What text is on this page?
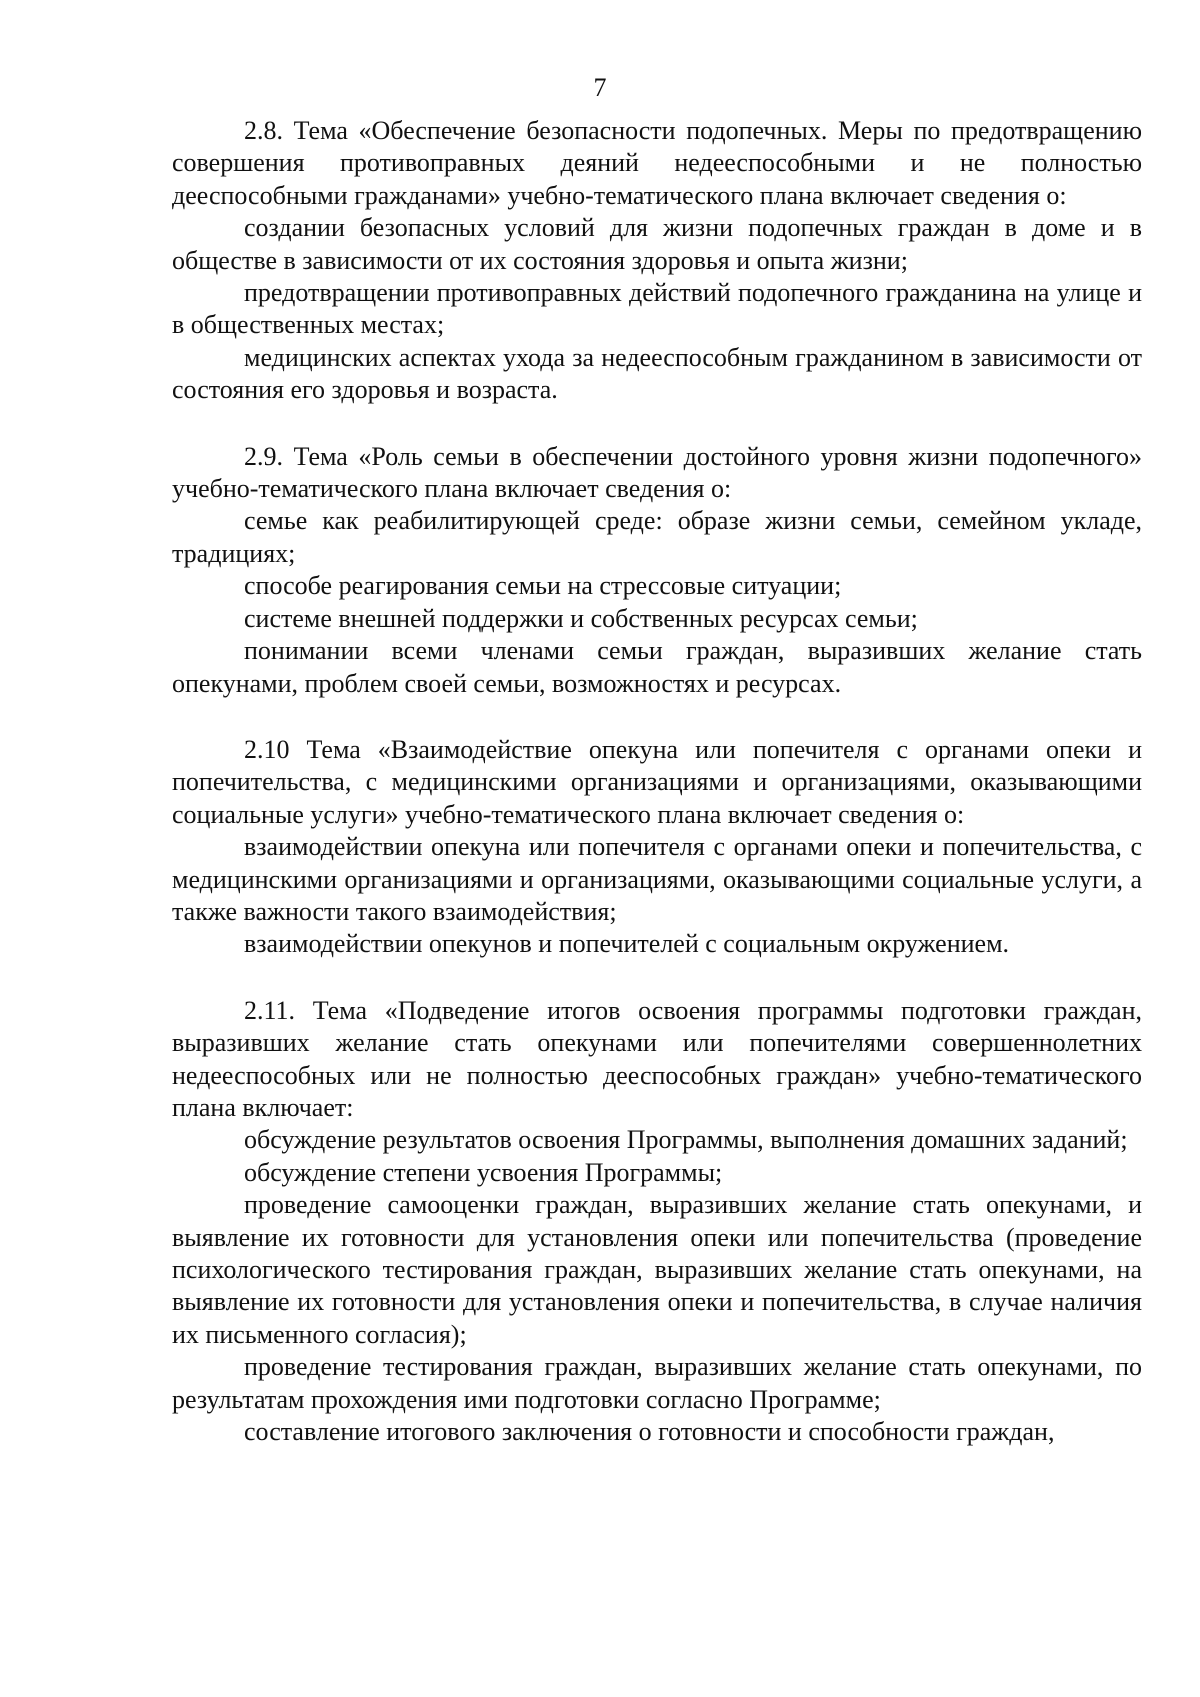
7

2.8. Тема «Обеспечение безопасности подопечных. Меры по предотвращению совершения противоправных деяний недееспособными и не полностью дееспособными гражданами» учебно-тематического плана включает сведения о:

создании безопасных условий для жизни подопечных граждан в доме и в обществе в зависимости от их состояния здоровья и опыта жизни;

предотвращении противоправных действий подопечного гражданина на улице и в общественных местах;

медицинских аспектах ухода за недееспособным гражданином в зависимости от состояния его здоровья и возраста.

2.9. Тема «Роль семьи в обеспечении достойного уровня жизни подопечного» учебно-тематического плана включает сведения о:

семье как реабилитирующей среде: образе жизни семьи, семейном укладе, традициях;

способе реагирования семьи на стрессовые ситуации;

системе внешней поддержки и собственных ресурсах семьи;

понимании всеми членами семьи граждан, выразивших желание стать опекунами, проблем своей семьи, возможностях и ресурсах.

2.10 Тема «Взаимодействие опекуна или попечителя с органами опеки и попечительства, с медицинскими организациями и организациями, оказывающими социальные услуги» учебно-тематического плана включает сведения о:

взаимодействии опекуна или попечителя с органами опеки и попечительства, с медицинскими организациями и организациями, оказывающими социальные услуги, а также важности такого взаимодействия;

взаимодействии опекунов и попечителей с социальным окружением.

2.11. Тема «Подведение итогов освоения программы подготовки граждан, выразивших желание стать опекунами или попечителями совершеннолетних недееспособных или не полностью дееспособных граждан» учебно-тематического плана включает:

обсуждение результатов освоения Программы, выполнения домашних заданий;

обсуждение степени усвоения Программы;

проведение самооценки граждан, выразивших желание стать опекунами, и выявление их готовности для установления опеки или попечительства (проведение психологического тестирования граждан, выразивших желание стать опекунами, на выявление их готовности для установления опеки и попечительства, в случае наличия их письменного согласия);

проведение тестирования граждан, выразивших желание стать опекунами, по результатам прохождения ими подготовки согласно Программе;

составление итогового заключения о готовности и способности граждан,
